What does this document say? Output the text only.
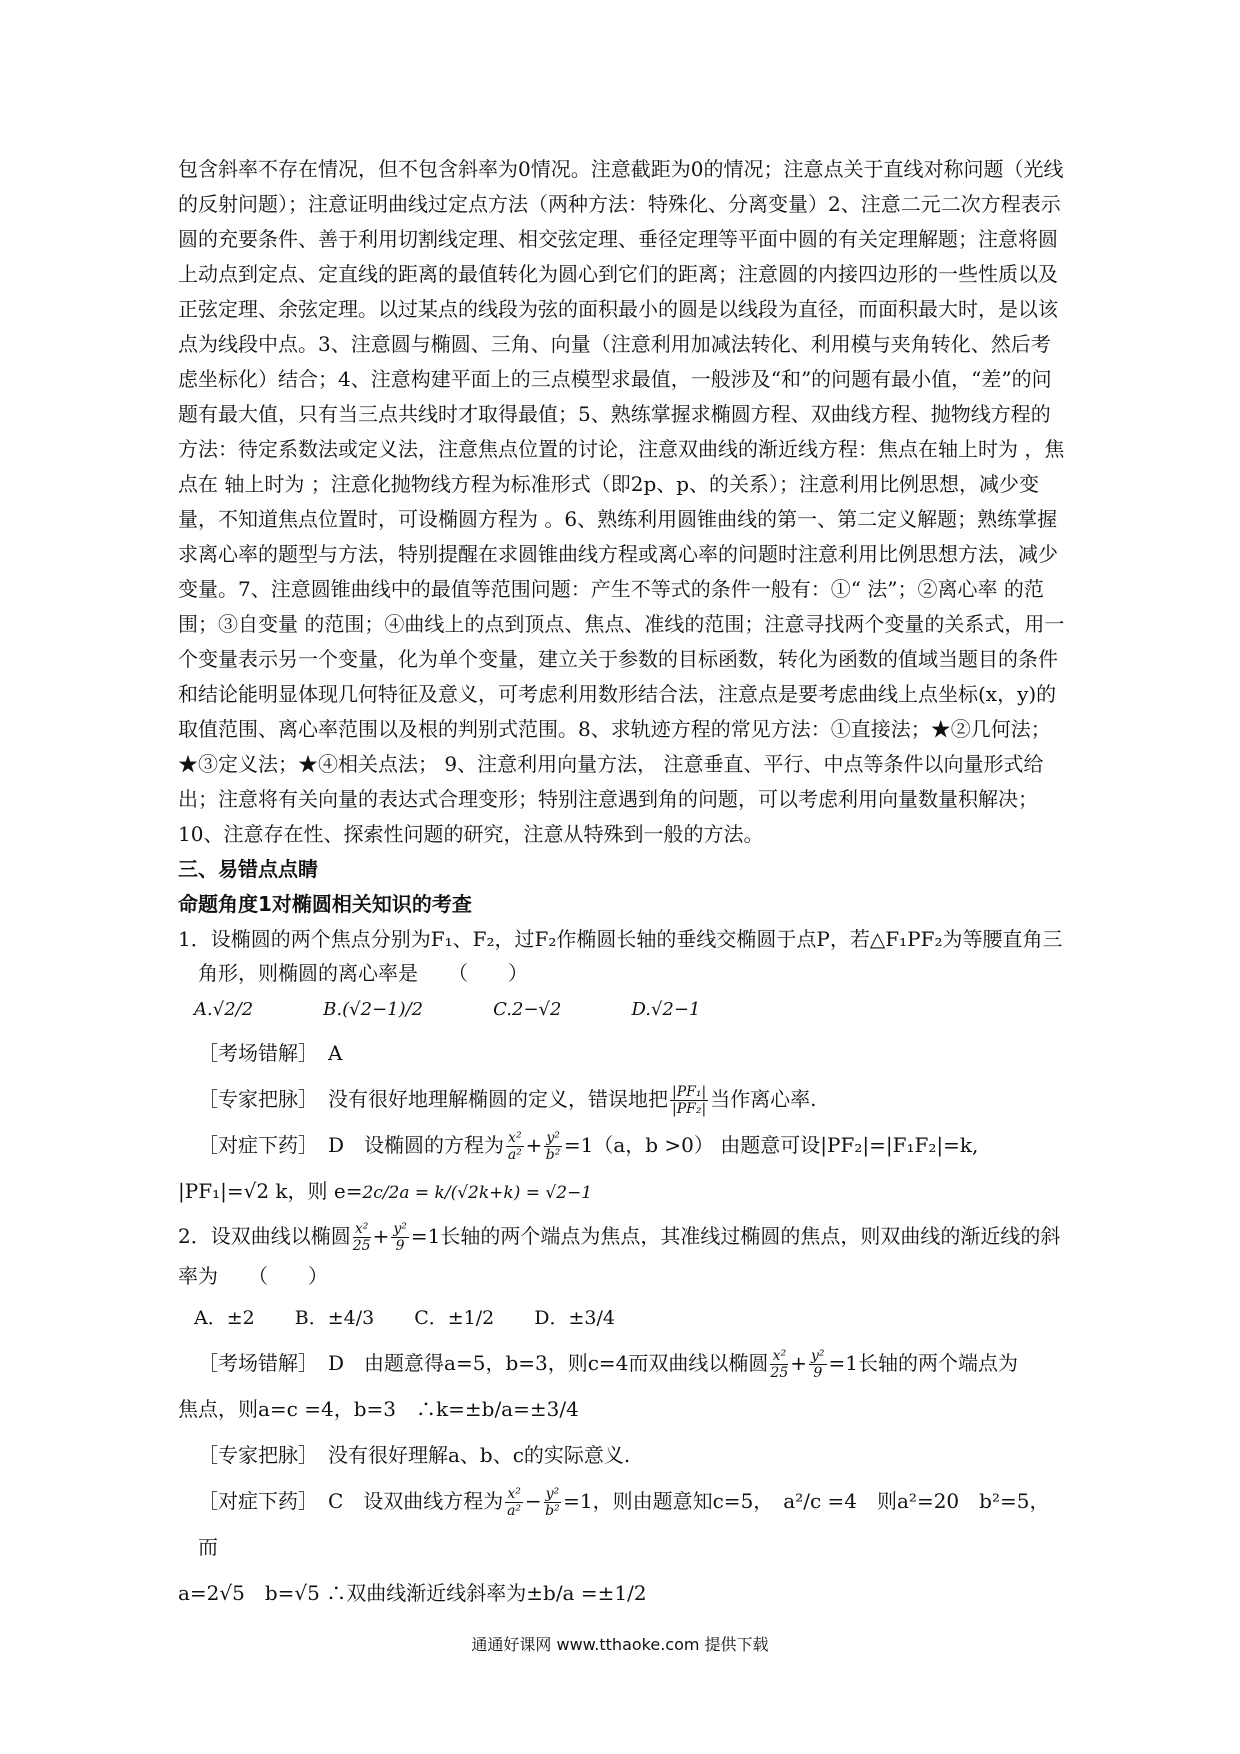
包含斜率不存在情况，但不包含斜率为0情况。注意截距为0的情况；注意点关于直线对称问题（光线的反射问题）；注意证明曲线过定点方法（两种方法：特殊化、分离变量）2、注意二元二次方程表示圆的充要条件、善于利用切割线定理、相交弦定理、垂径定理等平面中圆的有关定理解题；注意将圆上动点到定点、定直线的距离的最值转化为圆心到它们的距离；注意圆的内接四边形的一些性质以及正弦定理、余弦定理。以过某点的线段为弦的面积最小的圆是以线段为直径，而面积最大时，是以该点为线段中点。3、注意圆与椭圆、三角、向量（注意利用加减法转化、利用模与夹角转化、然后考虑坐标化）结合；4、注意构建平面上的三点模型求最值，一般涉及“和”的问题有最小值，“差”的问题有最大值，只有当三点共线时才取得最值；5、熟练掌握求椭圆方程、双曲线方程、抛物线方程的方法：待定系数法或定义法，注意焦点位置的讨论，注意双曲线的渐近线方程：焦点在轴上时为 ，焦点在 轴上时为 ；注意化抛物线方程为标准形式（即2p、p、的关系）；注意利用比例思想，减少变量，不知道焦点位置时，可设椭圆方程为 。6、熟练利用圆锥曲线的第一、第二定义解题；熟练掌握求离心率的题型与方法，特别提醒在求圆锥曲线方程或离心率的问题时注意利用比例思想方法，减少变量。7、注意圆锥曲线中的最值等范围问题：产生不等式的条件一般有：①“ 法”；②离心率 的范围；③自变量 的范围；④曲线上的点到顶点、焦点、准线的范围；注意寻找两个变量的关系式，用一个变量表示另一个变量，化为单个变量，建立关于参数的目标函数，转化为函数的值域当题目的条件和结论能明显体现几何特征及意义，可考虑利用数形结合法，注意点是要考虑曲线上点坐标(x，y)的取值范围、离心率范围以及根的判别式范围。8、求轨迹方程的常见方法：①直接法；★②几何法；★③定义法；★④相关点法； 9、注意利用向量方法， 注意垂直、平行、中点等条件以向量形式给出；注意将有关向量的表达式合理变形；特别注意遇到角的问题，可以考虑利用向量数量积解决；10、注意存在性、探索性问题的研究，注意从特殊到一般的方法。

三、易错点点睛

命题角度1对椭圆相关知识的考查

1．设椭圆的两个焦点分别为F₁、F₂，过F₂作椭圆长轴的垂线交椭圆于点P，若△F₁PF₂为等腰直角三角形，则椭圆的离心率是　　（　　）

A.√2/2	B.(√2−1)/2	C.2−√2	D.√2−1

［考场错解］　A

［专家把脉］　没有很好地理解椭圆的定义，错误地把 $\frac{\text{|PF₁|}}{\text{|PF₂|}}$ 当作离心率.

［对症下药］　D　设椭圆的方程为 $\frac{\text{x²}}{\text{a²}} + \frac{\text{y²}}{\text{b²}} =1(a$，b >0） 由题意可设|PF₂|=|F₁F₂|=k,

|PF₁|=√2 k，则 e=2c/2a = k/(√2k+k) = √2−1

2．设双曲线以椭圆 $\frac{\text{x²}}{25} + \frac{\text{y²}}{9} =1$长轴的两个端点为焦点，其准线过椭圆的焦点，则双曲线的渐近线的斜率为　　（　　）

A．±2 B．±4/3 C．±1/2 D．±3/4

［考场错解］　D　由题意得a=5，b=3，则c=4而双曲线以椭圆 $\frac{\text{x²}}{25} + \frac{\text{y²}}{9} =1$长轴的两个端点为

焦点，则a=c =4，b=3　∴k=±b/a=±3/4

［专家把脉］　没有很好理解a、b、c的实际意义.

［对症下药］　C　设双曲线方程为 $\frac{\text{x²}}{\text{a²}} - \frac{\text{y²}}{\text{b²}} =1$，则由题意知c=5，　a²/c =4　则a²=20　b²=5，而

a=2√5　b=√5 ∴双曲线渐近线斜率为±b/a =±1/2

通通好课网 www.tthaoke.com 提供下载
